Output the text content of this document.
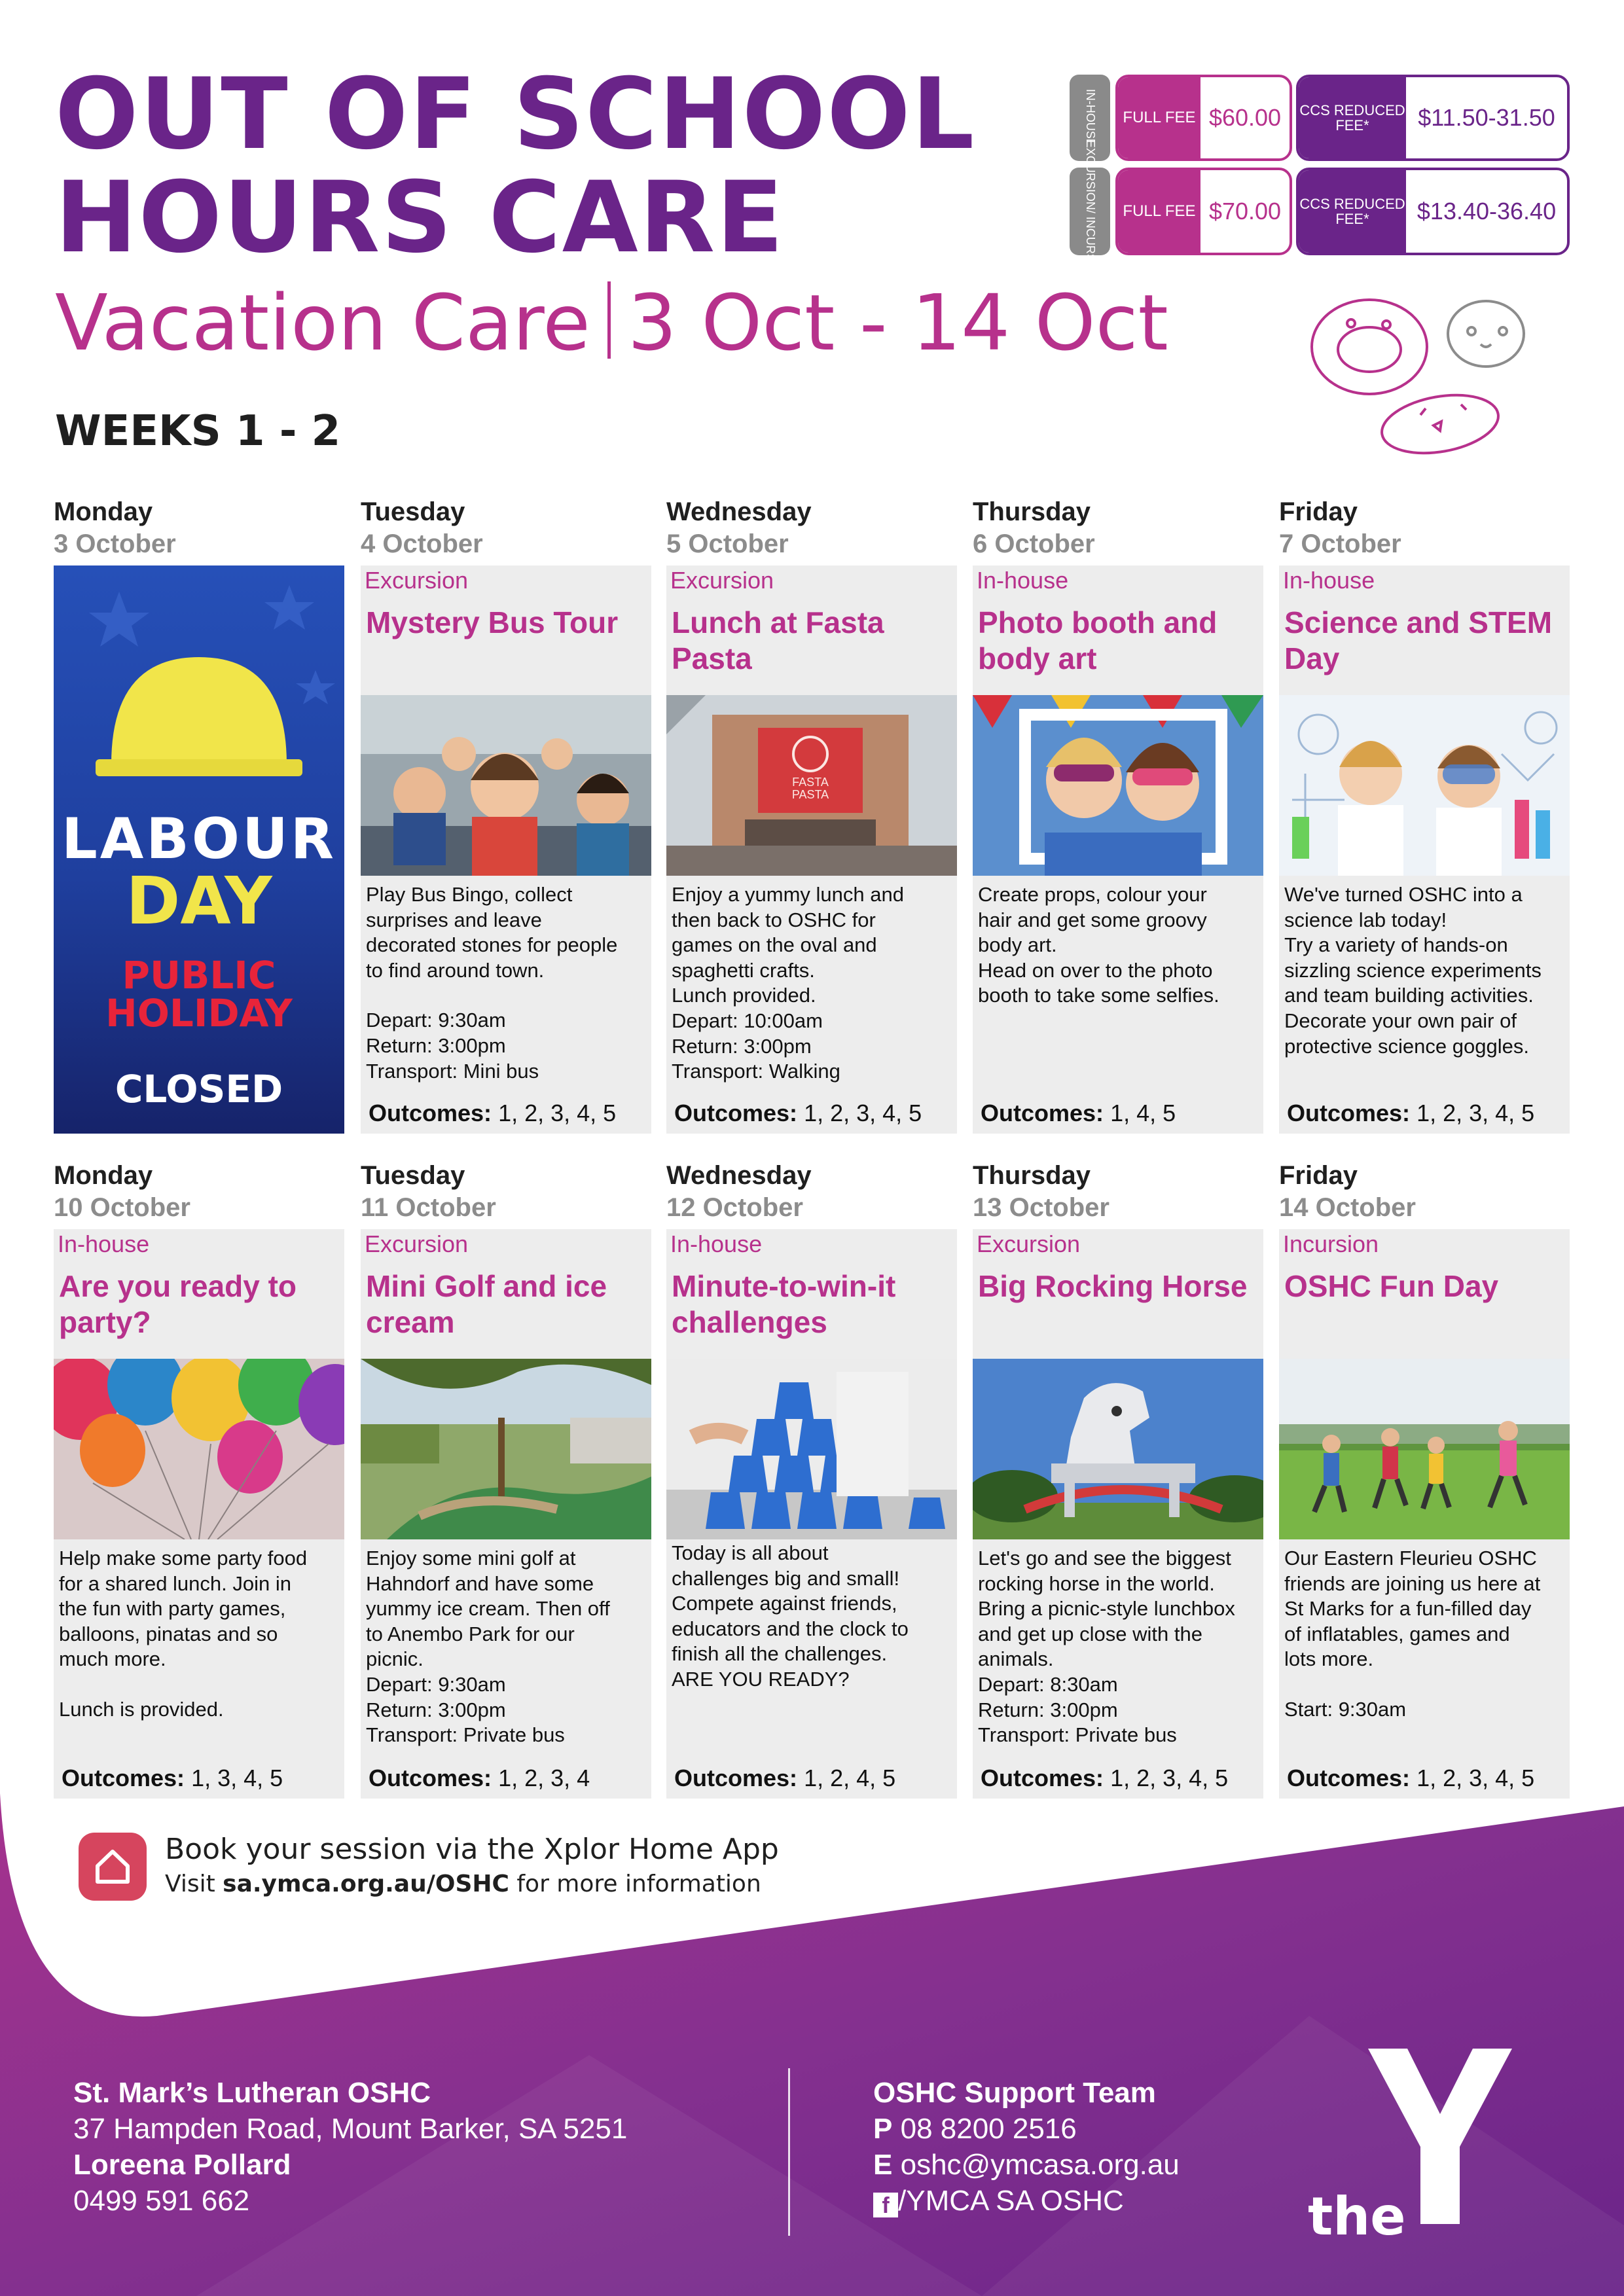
OUT OF SCHOOL
HOURS CARE
Vacation Care 3 Oct - 14 Oct
WEEKS 1 - 2
IN-HOUSE
EXCURSION/ INCURSION
FULL FEE $60.00	CCS REDUCED FEE*	$11.50-31.50
FULL FEE $70.00	CCS REDUCED FEE*	$13.40-36.40
Monday
3 October
Tuesday
4 October
Wednesday
5 October
Thursday
6 October
Friday
7 October
LABOUR
DAY
PUBLIC
HOLIDAY
CLOSED
Excursion
Mystery Bus Tour
Play Bus Bingo, collect
surprises and leave
decorated stones for people
to find around town.
Depart: 9:30am
Return: 3:00pm
Transport: Mini bus
Outcomes: 1, 2, 3, 4, 5
Excursion
Lunch at Fasta Pasta
FASTA
PASTA
Enjoy a yummy lunch and
then back to OSHC for
games on the oval and
spaghetti crafts.
Lunch provided.
Depart: 10:00am
Return: 3:00pm
Transport: Walking
Outcomes: 1, 2, 3, 4, 5
In-house
Photo booth and body art
Create props, colour your
hair and get some groovy
body art.
Head on over to the photo
booth to take some selfies.
Outcomes: 1, 4, 5
In-house
Science and STEM Day
We've turned OSHC into a
science lab today!
Try a variety of hands-on
sizzling science experiments
and team building activities.
Decorate your own pair of
protective science goggles.
Outcomes: 1, 2, 3, 4, 5
Monday
10 October
Tuesday
11 October
Wednesday
12 October
Thursday
13 October
Friday
14 October
In-house
Are you ready to party?
Help make some party food
for a shared lunch. Join in
the fun with party games,
balloons, pinatas and so
much more.
Lunch is provided.
Outcomes: 1, 3, 4, 5
Excursion
Mini Golf and ice cream
Enjoy some mini golf at
Hahndorf and have some
yummy ice cream. Then off
to Anembo Park for our
picnic.
Depart: 9:30am
Return: 3:00pm
Transport: Private bus
Outcomes: 1, 2, 3, 4
In-house
Minute-to-win-it challenges
Today is all about
challenges big and small!
Compete against friends,
educators and the clock to
finish all the challenges.
ARE YOU READY?
Outcomes: 1, 2, 4, 5
Excursion
Big Rocking Horse
Let's go and see the biggest
rocking horse in the world.
Bring a picnic-style lunchbox
and get up close with the
animals.
Depart: 8:30am
Return: 3:00pm
Transport: Private bus
Outcomes: 1, 2, 3, 4, 5
Incursion
OSHC Fun Day
Our Eastern Fleurieu OSHC
friends are joining us here at
St Marks for a fun-filled day
of inflatables, games and
lots more.
Start: 9:30am
Outcomes: 1, 2, 3, 4, 5
Book your session via the Xplor Home App
Visit sa.ymca.org.au/OSHC for more information
St. Mark’s Lutheran OSHC
37 Hampden Road, Mount Barker, SA 5251
Loreena Pollard
0499 591 662
OSHC Support Team
P 08 8200 2516
E oshc@ymcasa.org.au
f /YMCA SA OSHC	the
